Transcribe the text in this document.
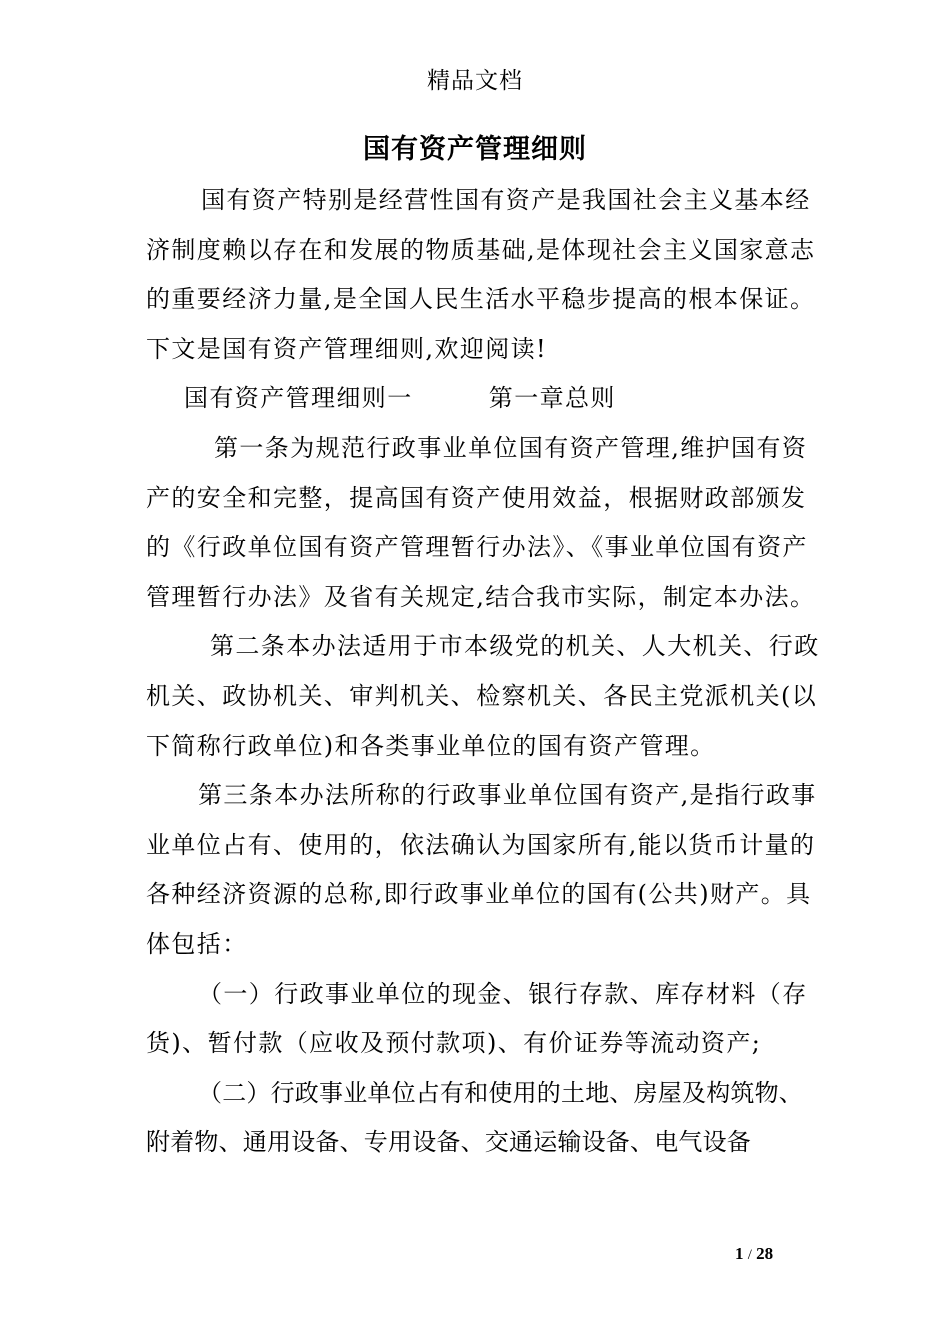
精品文档
国有资产管理细则

国有资产特别是经营性国有资产是我国社会主义基本经济制度赖以存在和发展的物质基础,是体现社会主义国家意志的重要经济力量,是全国人民生活水平稳步提高的根本保证。下文是国有资产管理细则,欢迎阅读!

国有资产管理细则一　　　第一章总则

第一条为规范行政事业单位国有资产管理,维护国有资产的安全和完整，提高国有资产使用效益，根据财政部颁发的《行政单位国有资产管理暂行办法》、《事业单位国有资产管理暂行办法》及省有关规定,结合我市实际，制定本办法。

第二条本办法适用于市本级党的机关、人大机关、行政机关、政协机关、审判机关、检察机关、各民主党派机关(以下简称行政单位)和各类事业单位的国有资产管理。

第三条本办法所称的行政事业单位国有资产,是指行政事业单位占有、使用的，依法确认为国家所有,能以货币计量的各种经济资源的总称,即行政事业单位的国有(公共)财产。具体包括：

（一）行政事业单位的现金、银行存款、库存材料（存货)、暂付款（应收及预付款项)、有价证券等流动资产;

（二）行政事业单位占有和使用的土地、房屋及构筑物、附着物、通用设备、专用设备、交通运输设备、电气设备

1 / 28
